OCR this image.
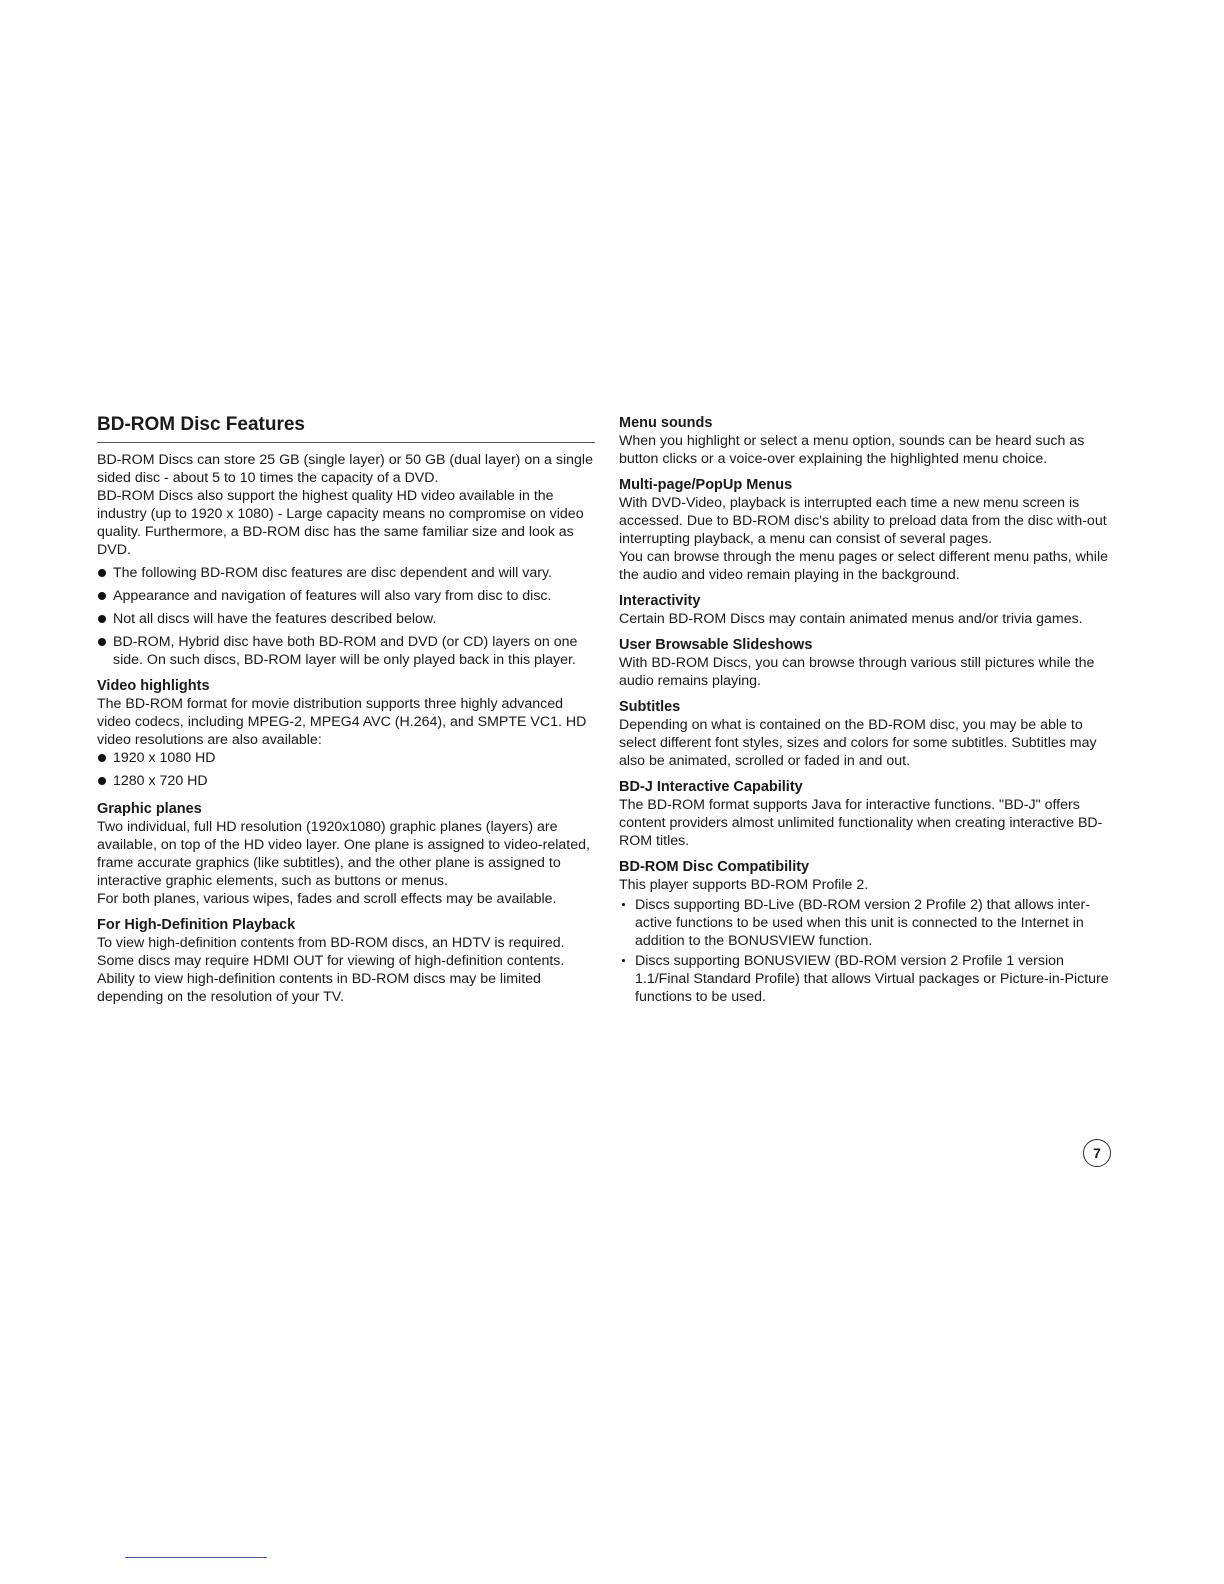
BD-ROM Disc Features

BD-ROM Discs can store 25 GB (single layer) or 50 GB (dual layer) on a single sided disc - about 5 to 10 times the capacity of a DVD.

BD-ROM Discs also support the highest quality HD video available in the industry (up to 1920 x 1080) - Large capacity means no compromise on video quality. Furthermore, a BD-ROM disc has the same familiar size and look as DVD.

The following BD-ROM disc features are disc dependent and will vary.
Appearance and navigation of features will also vary from disc to disc.
Not all discs will have the features described below.
BD-ROM, Hybrid disc have both BD-ROM and DVD (or CD) layers on one side. On such discs, BD-ROM layer will be only played back in this player.
Video highlights

The BD-ROM format for movie distribution supports three highly advanced video codecs, including MPEG-2, MPEG4 AVC (H.264), and SMPTE VC1. HD video resolutions are also available:

1920 x 1080 HD
1280 x 720 HD
Graphic planes

Two individual, full HD resolution (1920x1080) graphic planes (layers) are available, on top of the HD video layer. One plane is assigned to video-related, frame accurate graphics (like subtitles), and the other plane is assigned to interactive graphic elements, such as buttons or menus.

For both planes, various wipes, fades and scroll effects may be available.

For High-Definition Playback

To view high-definition contents from BD-ROM discs, an HDTV is required. Some discs may require HDMI OUT for viewing of high-definition contents. Ability to view high-definition contents in BD-ROM discs may be limited depending on the resolution of your TV.

Menu sounds

When you highlight or select a menu option, sounds can be heard such as button clicks or a voice-over explaining the highlighted menu choice.

Multi-page/PopUp Menus

With DVD-Video, playback is interrupted each time a new menu screen is accessed. Due to BD-ROM disc's ability to preload data from the disc with-out interrupting playback, a menu can consist of several pages.

You can browse through the menu pages or select different menu paths, while the audio and video remain playing in the background.

Interactivity

Certain BD-ROM Discs may contain animated menus and/or trivia games.

User Browsable Slideshows

With BD-ROM Discs, you can browse through various still pictures while the audio remains playing.

Subtitles

Depending on what is contained on the BD-ROM disc, you may be able to select different font styles, sizes and colors for some subtitles. Subtitles may also be animated, scrolled or faded in and out.

BD-J Interactive Capability

The BD-ROM format supports Java for interactive functions. "BD-J" offers content providers almost unlimited functionality when creating interactive BD-ROM titles.

BD-ROM Disc Compatibility

This player supports BD-ROM Profile 2.

Discs supporting BD-Live (BD-ROM version 2 Profile 2) that allows inter-active functions to be used when this unit is connected to the Internet in addition to the BONUSVIEW function.
Discs supporting BONUSVIEW (BD-ROM version 2 Profile 1 version 1.1/Final Standard Profile) that allows Virtual packages or Picture-in-Picture functions to be used.
7
